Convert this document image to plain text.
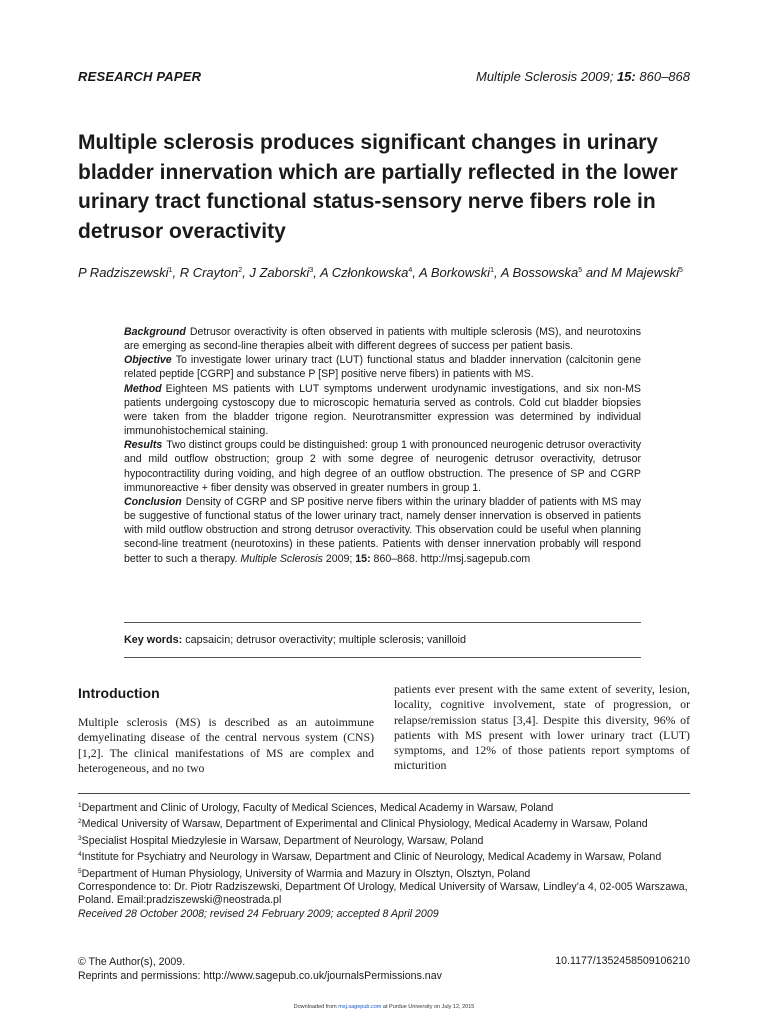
RESEARCH PAPER	Multiple Sclerosis 2009; 15: 860–868
Multiple sclerosis produces significant changes in urinary bladder innervation which are partially reflected in the lower urinary tract functional status-sensory nerve fibers role in detrusor overactivity
P Radziszewski$^1$, R Crayton$^2$, J Zaborski$^3$, A Członkowska$^4$, A Borkowski$^1$, A Bossowska$^5$ and M Majewski$^5$

Background Detrusor overactivity is often observed in patients with multiple sclerosis (MS), and neurotoxins are emerging as second-line therapies albeit with different degrees of success per patient basis.

Objective To investigate lower urinary tract (LUT) functional status and bladder innervation (calcitonin gene related peptide [CGRP] and substance P [SP] positive nerve fibers) in patients with MS.

Method Eighteen MS patients with LUT symptoms underwent urodynamic investigations, and six non-MS patients undergoing cystoscopy due to microscopic hematuria served as controls. Cold cut bladder biopsies were taken from the bladder trigone region. Neurotransmitter expression was determined by individual immunohistochemical staining.

Results Two distinct groups could be distinguished: group 1 with pronounced neurogenic detrusor overactivity and mild outflow obstruction; group 2 with some degree of neurogenic detrusor overactivity, detrusor hypocontractility during voiding, and high degree of an outflow obstruction. The presence of SP and CGRP immunoreactive + fiber density was observed in greater numbers in group 1.

Conclusion Density of CGRP and SP positive nerve fibers within the urinary bladder of patients with MS may be suggestive of functional status of the lower urinary tract, namely denser innervation is observed in patients with mild outflow obstruction and strong detrusor overactivity. This observation could be useful when planning second-line treatment (neurotoxins) in these patients. Patients with denser innervation probably will respond better to such a therapy. Multiple Sclerosis 2009; 15: 860–868. http://msj.sagepub.com

Key words: capsaicin; detrusor overactivity; multiple sclerosis; vanilloid
Introduction

Multiple sclerosis (MS) is described as an autoimmune demyelinating disease of the central nervous system (CNS) [1,2]. The clinical manifestations of MS are complex and heterogeneous, and no two

patients ever present with the same extent of severity, lesion, locality, cognitive involvement, state of progression, or relapse/remission status [3,4]. Despite this diversity, 96% of patients with MS present with lower urinary tract (LUT) symptoms, and 12% of those patients report symptoms of micturition

$^1$Department and Clinic of Urology, Faculty of Medical Sciences, Medical Academy in Warsaw, Poland
$^2$Medical University of Warsaw, Department of Experimental and Clinical Physiology, Medical Academy in Warsaw, Poland
$^3$Specialist Hospital Miedzylesie in Warsaw, Department of Neurology, Warsaw, Poland
$^4$Institute for Psychiatry and Neurology in Warsaw, Department and Clinic of Neurology, Medical Academy in Warsaw, Poland
$^5$Department of Human Physiology, University of Warmia and Mazury in Olsztyn, Olsztyn, Poland
Correspondence to: Dr. Piotr Radziszewski, Department Of Urology, Medical University of Warsaw, Lindley’a 4, 02-005 Warszawa, Poland. Email:pradziszewski@neostrada.pl
Received 28 October 2008; revised 24 February 2009; accepted 8 April 2009
© The Author(s), 2009.
Reprints and permissions: http://www.sagepub.co.uk/journalsPermissions.nav
10.1177/1352458509106210
Downloaded from msj.sagepub.com at Purdue University on July 12, 2015
